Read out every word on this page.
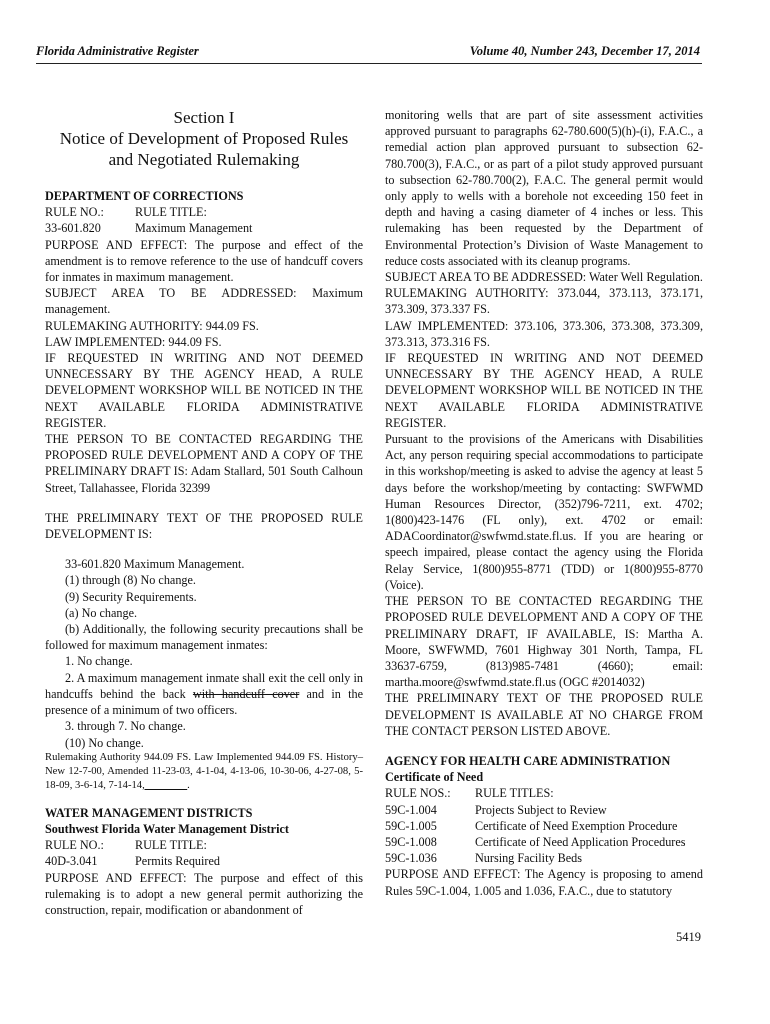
Florida Administrative Register	Volume 40, Number 243, December 17, 2014
Section I
Notice of Development of Proposed Rules
and Negotiated Rulemaking

DEPARTMENT OF CORRECTIONS

RULE NO.:	RULE TITLE:
33-601.820	Maximum Management

PURPOSE AND EFFECT: The purpose and effect of the amendment is to remove reference to the use of handcuff covers for inmates in maximum management.

SUBJECT AREA TO BE ADDRESSED: Maximum management.

RULEMAKING AUTHORITY: 944.09 FS.

LAW IMPLEMENTED: 944.09 FS.

IF REQUESTED IN WRITING AND NOT DEEMED UNNECESSARY BY THE AGENCY HEAD, A RULE DEVELOPMENT WORKSHOP WILL BE NOTICED IN THE NEXT AVAILABLE FLORIDA ADMINISTRATIVE REGISTER.

THE PERSON TO BE CONTACTED REGARDING THE PROPOSED RULE DEVELOPMENT AND A COPY OF THE PRELIMINARY DRAFT IS: Adam Stallard, 501 South Calhoun Street, Tallahassee, Florida 32399

THE PRELIMINARY TEXT OF THE PROPOSED RULE DEVELOPMENT IS:

33-601.820 Maximum Management.

(1) through (8) No change.

(9) Security Requirements.

(a) No change.

(b) Additionally, the following security precautions shall be followed for maximum management inmates:

1. No change.

2. A maximum management inmate shall exit the cell only in handcuffs behind the back with handcuff cover and in the presence of a minimum of two officers.

3. through 7. No change.

(10) No change.

Rulemaking Authority 944.09 FS. Law Implemented 944.09 FS. History–New 12-7-00, Amended 11-23-03, 4-1-04, 4-13-06, 10-30-06, 4-27-08, 5-18-09, 3-6-14, 7-14-14,________.

WATER MANAGEMENT DISTRICTS

Southwest Florida Water Management District

RULE NO.:	RULE TITLE:
40D-3.041	Permits Required

PURPOSE AND EFFECT: The purpose and effect of this rulemaking is to adopt a new general permit authorizing the construction, repair, modification or abandonment of

monitoring wells that are part of site assessment activities approved pursuant to paragraphs 62-780.600(5)(h)-(i), F.A.C., a remedial action plan approved pursuant to subsection 62-780.700(3), F.A.C., or as part of a pilot study approved pursuant to subsection 62-780.700(2), F.A.C. The general permit would only apply to wells with a borehole not exceeding 150 feet in depth and having a casing diameter of 4 inches or less. This rulemaking has been requested by the Department of Environmental Protection’s Division of Waste Management to reduce costs associated with its cleanup programs.

SUBJECT AREA TO BE ADDRESSED: Water Well Regulation.

RULEMAKING AUTHORITY: 373.044, 373.113, 373.171, 373.309, 373.337 FS.

LAW IMPLEMENTED: 373.106, 373.306, 373.308, 373.309, 373.313, 373.316 FS.

IF REQUESTED IN WRITING AND NOT DEEMED UNNECESSARY BY THE AGENCY HEAD, A RULE DEVELOPMENT WORKSHOP WILL BE NOTICED IN THE NEXT AVAILABLE FLORIDA ADMINISTRATIVE REGISTER.

Pursuant to the provisions of the Americans with Disabilities Act, any person requiring special accommodations to participate in this workshop/meeting is asked to advise the agency at least 5 days before the workshop/meeting by contacting: SWFWMD Human Resources Director, (352)796-7211, ext. 4702; 1(800)423-1476 (FL only), ext. 4702 or email: ADACoordinator@swfwmd.state.fl.us. If you are hearing or speech impaired, please contact the agency using the Florida Relay Service, 1(800)955-8771 (TDD) or 1(800)955-8770 (Voice).

THE PERSON TO BE CONTACTED REGARDING THE PROPOSED RULE DEVELOPMENT AND A COPY OF THE PRELIMINARY DRAFT, IF AVAILABLE, IS: Martha A. Moore, SWFWMD, 7601 Highway 301 North, Tampa, FL 33637-6759, (813)985-7481 (4660); email: martha.moore@swfwmd.state.fl.us (OGC #2014032)

THE PRELIMINARY TEXT OF THE PROPOSED RULE DEVELOPMENT IS AVAILABLE AT NO CHARGE FROM THE CONTACT PERSON LISTED ABOVE.

AGENCY FOR HEALTH CARE ADMINISTRATION

Certificate of Need

RULE NOS.:	RULE TITLES:
59C-1.004	Projects Subject to Review
59C-1.005	Certificate of Need Exemption Procedure
59C-1.008	Certificate of Need Application Procedures
59C-1.036	Nursing Facility Beds

PURPOSE AND EFFECT: The Agency is proposing to amend Rules 59C-1.004, 1.005 and 1.036, F.A.C., due to statutory

5419
